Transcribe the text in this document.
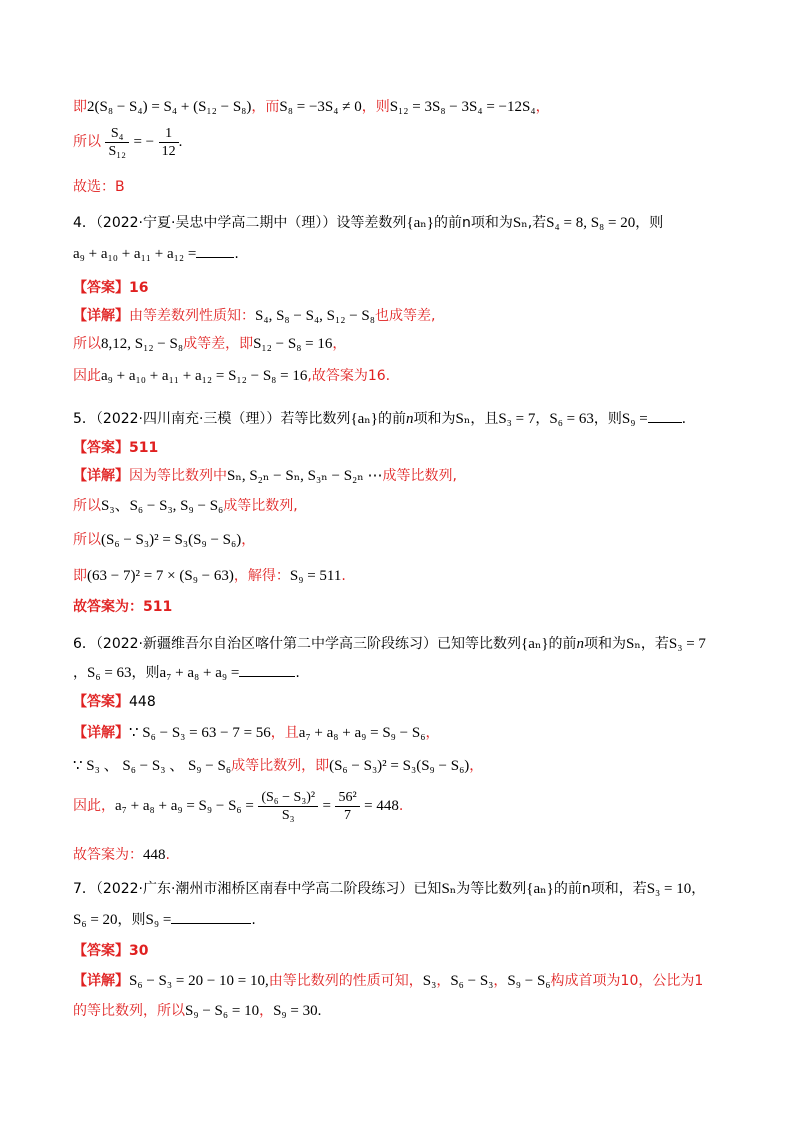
即2(S₈ − S₄) = S₄ + (S₁₂ − S₈)，而S₈ = −3S₄ ≠ 0，则S₁₂ = 3S₈ − 3S₄ = −12S₄，
所以 $\frac{\text{S₄}}{\text{S₁₂}}$ = − $\frac{1}{12}$ .
故选：B
4．（2022·宁夏·吴忠中学高二期中（理））设等差数列{aₙ}的前n项和为Sₙ,若S₄ = 8, S₈ = 20，则
a₉ + a₁₀ + a₁₁ + a₁₂ =	.
【答案】16
【详解】由等差数列性质知：S₄, S₈ − S₄, S₁₂ − S₈也成等差,
所以8,12, S₁₂ − S₈成等差，即S₁₂ − S₈ = 16，
因此a₉ + a₁₀ + a₁₁ + a₁₂ = S₁₂ − S₈ = 16,故答案为16.
5．（2022·四川南充·三模（理））若等比数列{aₙ}的前n项和为Sₙ，且S₃ = 7，S₆ = 63，则S₉ = .
【答案】511
【详解】因为等比数列中Sₙ, S₂ₙ − Sₙ, S₃ₙ − S₂ₙ ⋯成等比数列,
所以S₃、S₆ − S₃, S₉ − S₆成等比数列,
所以(S₆ − S₃)² = S₃(S₉ − S₆)，
即(63 − 7)² = 7 × (S₉ − 63)，解得：S₉ = 511.
故答案为：511
6．（2022·新疆维吾尔自治区喀什第二中学高三阶段练习）已知等比数列{aₙ}的前n项和为Sₙ，若S₃ = 7
，S₆ = 63，则a₇ + a₈ + a₉ =	.
【答案】448
【详解】∵ S₆ − S₃ = 63 − 7 = 56，且a₇ + a₈ + a₉ = S₉ − S₆，
∵ S₃ 、 S₆ − S₃ 、 S₉ − S₆成等比数列，即(S₆ − S₃)² = S₃(S₉ − S₆)，
因此，$a_7 + a_8 + a_9 = S_9 - S_6 = \frac{\text{(S₆ − S₃)²}}{\text{S₃}} = \frac{\text{56²}}{7} = 448$.
故答案为：448.
7．（2022·广东·潮州市湘桥区南春中学高二阶段练习）已知Sₙ为等比数列{aₙ}的前n项和，若S₃ = 10，
S₆ = 20，则S₉ =	.
【答案】30
【详解】S₆ − S₃ = 20 − 10 = 10,由等比数列的性质可知，S₃，S₆ − S₃，S₉ − S₆构成首项为10，公比为1
的等比数列，所以S₉ − S₆ = 10，S₉ = 30.
